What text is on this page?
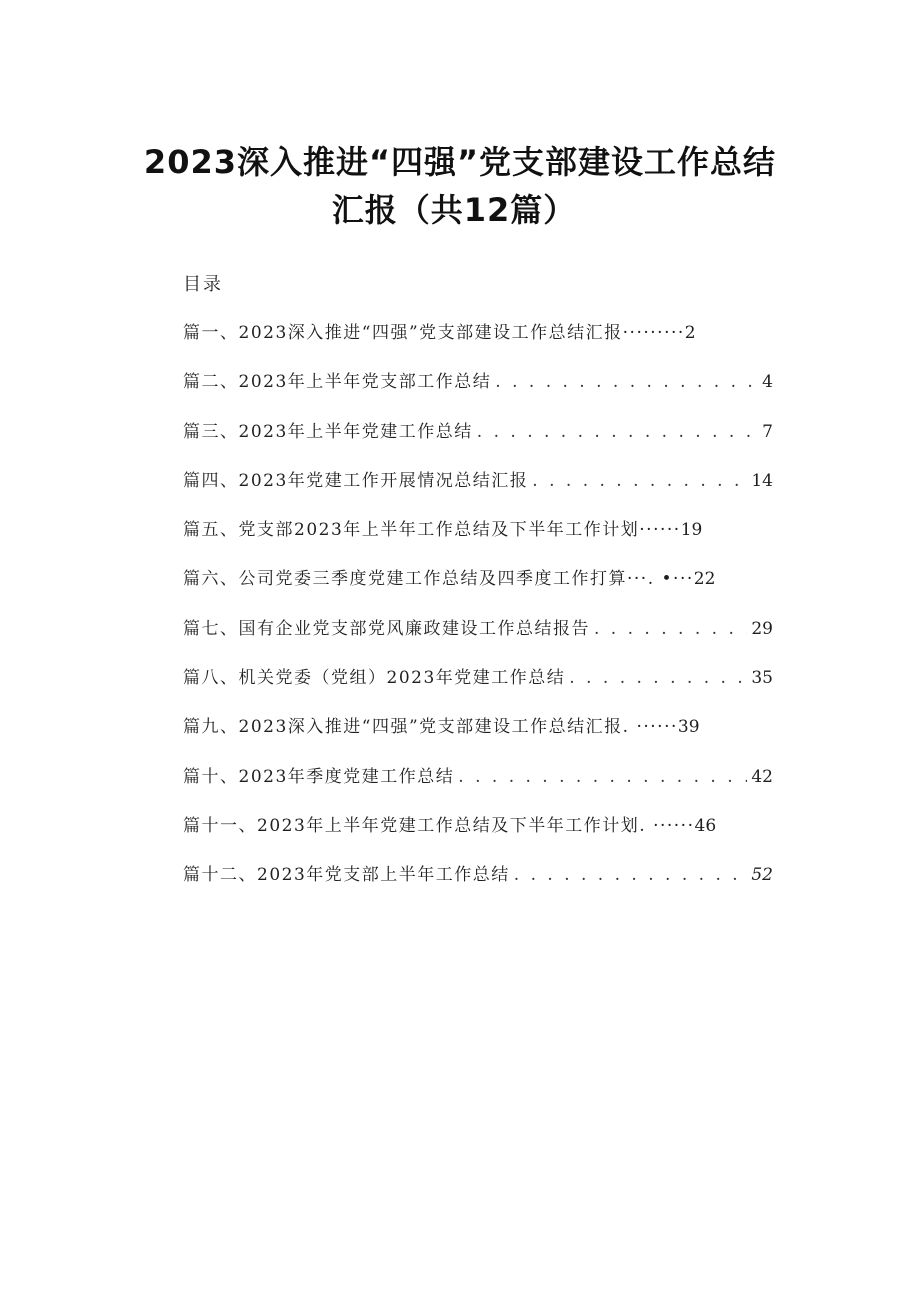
2023深入推进“四强”党支部建设工作总结
汇报（共12篇）
目录
篇一、2023深入推进“四强”党支部建设工作总结汇报········· 2
篇二、2023年上半年党支部工作总结 . . .	4
篇三、2023年上半年党建工作总结 . . .	7
篇四、2023年党建工作开展情况总结汇报 . . .	14
篇五、党支部2023年上半年工作总结及下半年工作计划······ 19
篇六、公司党委三季度党建工作总结及四季度工作打算···. •··· 22
篇七、国有企业党支部党风廉政建设工作总结报告 . . .	29
篇八、机关党委（党组）2023年党建工作总结 . . .	35
篇九、2023深入推进“四强”党支部建设工作总结汇报. ······ 39
篇十、2023年季度党建工作总结 . . .	42
篇十一、2023年上半年党建工作总结及下半年工作计划. ······ 46
篇十二、2023年党支部上半年工作总结 . . .	52
